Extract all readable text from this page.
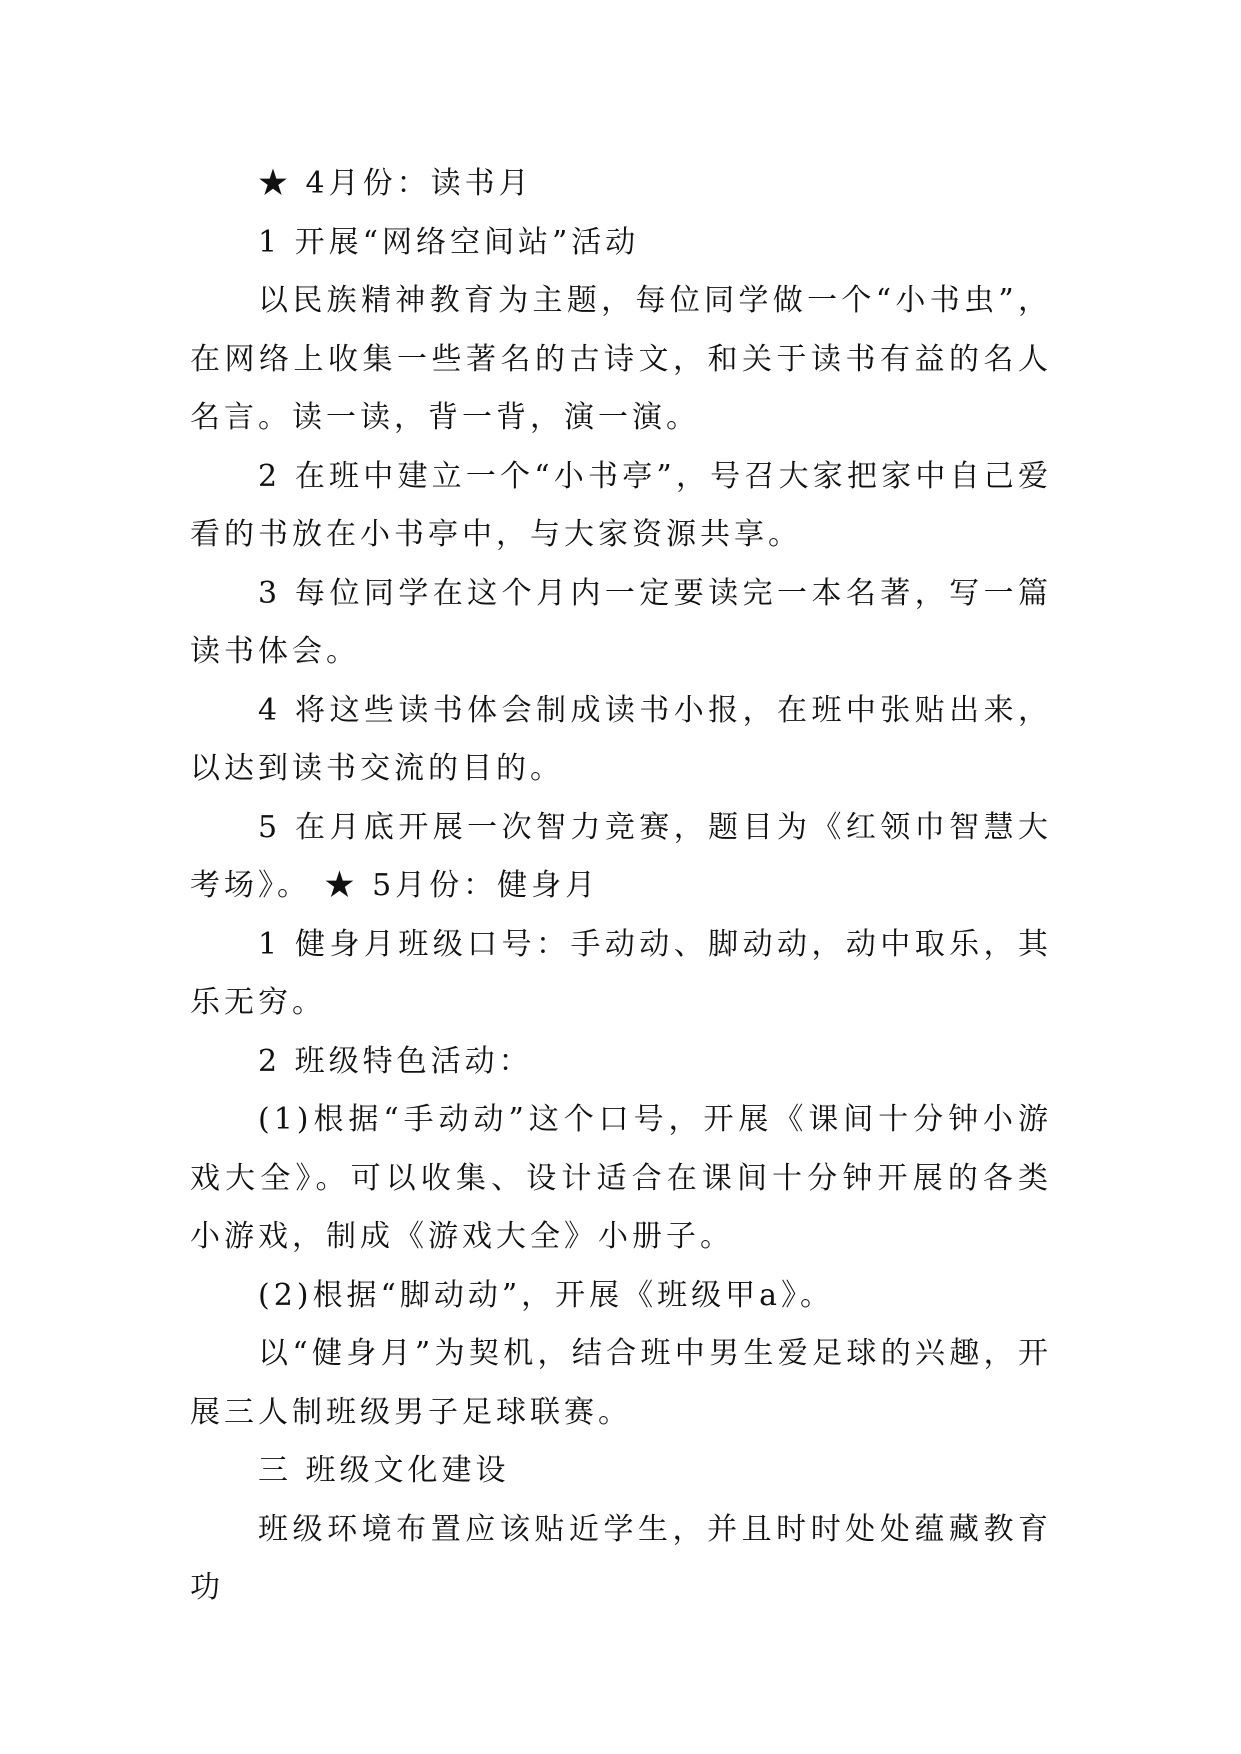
★ 4月份：读书月

1 开展“网络空间站”活动

以民族精神教育为主题，每位同学做一个“小书虫”，在网络上收集一些著名的古诗文，和关于读书有益的名人名言。读一读，背一背，演一演。

2 在班中建立一个“小书亭”，号召大家把家中自己爱看的书放在小书亭中，与大家资源共享。

3 每位同学在这个月内一定要读完一本名著，写一篇读书体会。

4 将这些读书体会制成读书小报，在班中张贴出来，以达到读书交流的目的。

5 在月底开展一次智力竞赛，题目为《红领巾智慧大考场》。 ★ 5月份：健身月

1 健身月班级口号：手动动、脚动动，动中取乐，其乐无穷。

2 班级特色活动：

(1)根据“手动动”这个口号，开展《课间十分钟小游戏大全》。可以收集、设计适合在课间十分钟开展的各类小游戏，制成《游戏大全》小册子。

(2)根据“脚动动”，开展《班级甲a》。

以“健身月”为契机，结合班中男生爱足球的兴趣，开展三人制班级男子足球联赛。

三 班级文化建设

班级环境布置应该贴近学生，并且时时处处蕴藏教育功
